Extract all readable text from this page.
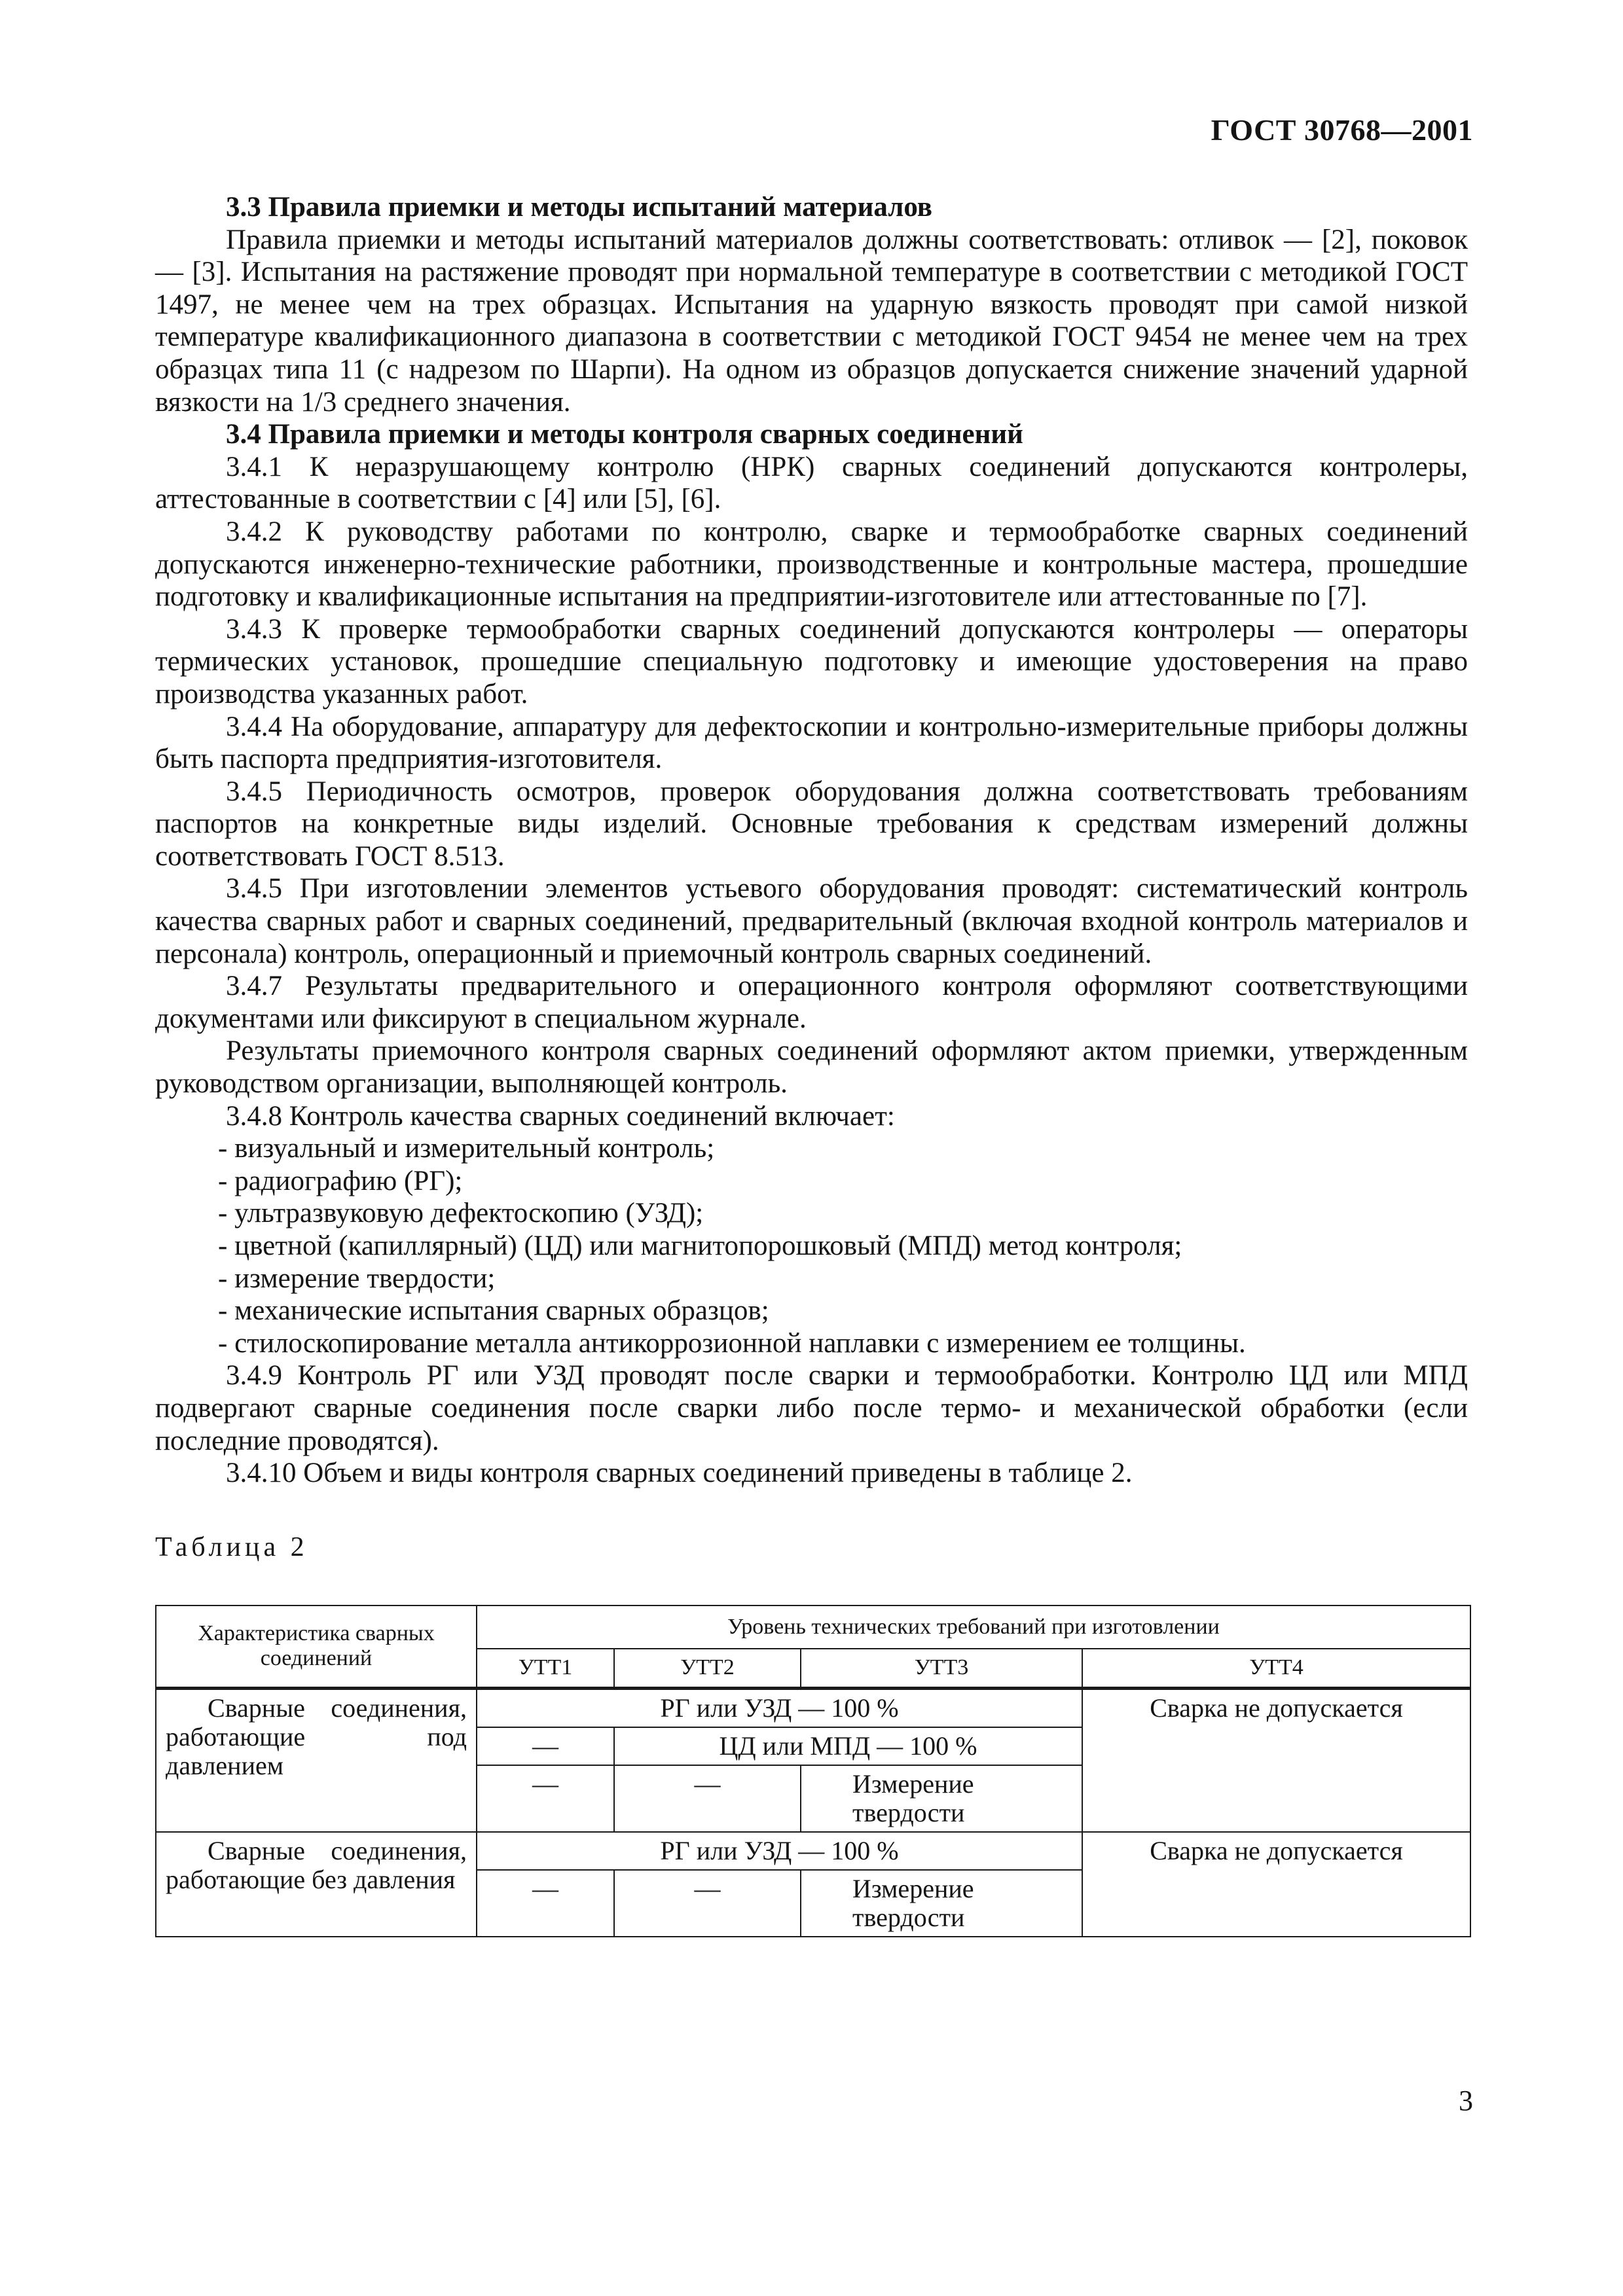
ГОСТ 30768—2001

3.3 Правила приемки и методы испытаний материалов

Правила приемки и методы испытаний материалов должны соответствовать: отливок — [2], поковок — [3]. Испытания на растяжение проводят при нормальной температуре в соответствии с методикой ГОСТ 1497, не менее чем на трех образцах. Испытания на ударную вязкость проводят при самой низкой температуре квалификационного диапазона в соответствии с методикой ГОСТ 9454 не менее чем на трех образцах типа 11 (с надрезом по Шарпи). На одном из образцов допускается снижение значений ударной вязкости на 1/3 среднего значения.

3.4 Правила приемки и методы контроля сварных соединений

3.4.1 К неразрушающему контролю (НРК) сварных соединений допускаются контролеры, аттестованные в соответствии с [4] или [5], [6].

3.4.2 К руководству работами по контролю, сварке и термообработке сварных соединений допускаются инженерно-технические работники, производственные и контрольные мастера, прошедшие подготовку и квалификационные испытания на предприятии-изготовителе или аттестованные по [7].

3.4.3 К проверке термообработки сварных соединений допускаются контролеры — операторы термических установок, прошедшие специальную подготовку и имеющие удостоверения на право производства указанных работ.

3.4.4 На оборудование, аппаратуру для дефектоскопии и контрольно-измерительные приборы должны быть паспорта предприятия-изготовителя.

3.4.5 Периодичность осмотров, проверок оборудования должна соответствовать требованиям паспортов на конкретные виды изделий. Основные требования к средствам измерений должны соответствовать ГОСТ 8.513.

3.4.5 При изготовлении элементов устьевого оборудования проводят: систематический контроль качества сварных работ и сварных соединений, предварительный (включая входной контроль материалов и персонала) контроль, операционный и приемочный контроль сварных соединений.

3.4.7 Результаты предварительного и операционного контроля оформляют соответствующими документами или фиксируют в специальном журнале.

Результаты приемочного контроля сварных соединений оформляют актом приемки, утвержденным руководством организации, выполняющей контроль.

3.4.8 Контроль качества сварных соединений включает:

- визуальный и измерительный контроль;

- радиографию (РГ);

- ультразвуковую дефектоскопию (УЗД);

- цветной (капиллярный) (ЦД) или магнитопорошковый (МПД) метод контроля;

- измерение твердости;

- механические испытания сварных образцов;

- стилоскопирование металла антикоррозионной наплавки с измерением ее толщины.

3.4.9 Контроль РГ или УЗД проводят после сварки и термообработки. Контролю ЦД или МПД подвергают сварные соединения после сварки либо после термо- и механической обработки (если последние проводятся).

3.4.10 Объем и виды контроля сварных соединений приведены в таблице 2.

Таблица 2
Характеристика сварных соединений	Уровень технических требований при изготовлении			
	УТТ1	УТТ2	УТТ3	УТТ4

Сварные соединения, работающие под давлением	РГ или УЗД — 100 %			Сварка не допускается
	—	ЦД или МПД — 100 %		
	—	—	Измерение твердости	

Сварные соединения, работающие без давления	РГ или УЗД — 100 %			Сварка не допускается
	—	—	Измерение твердости	
3
